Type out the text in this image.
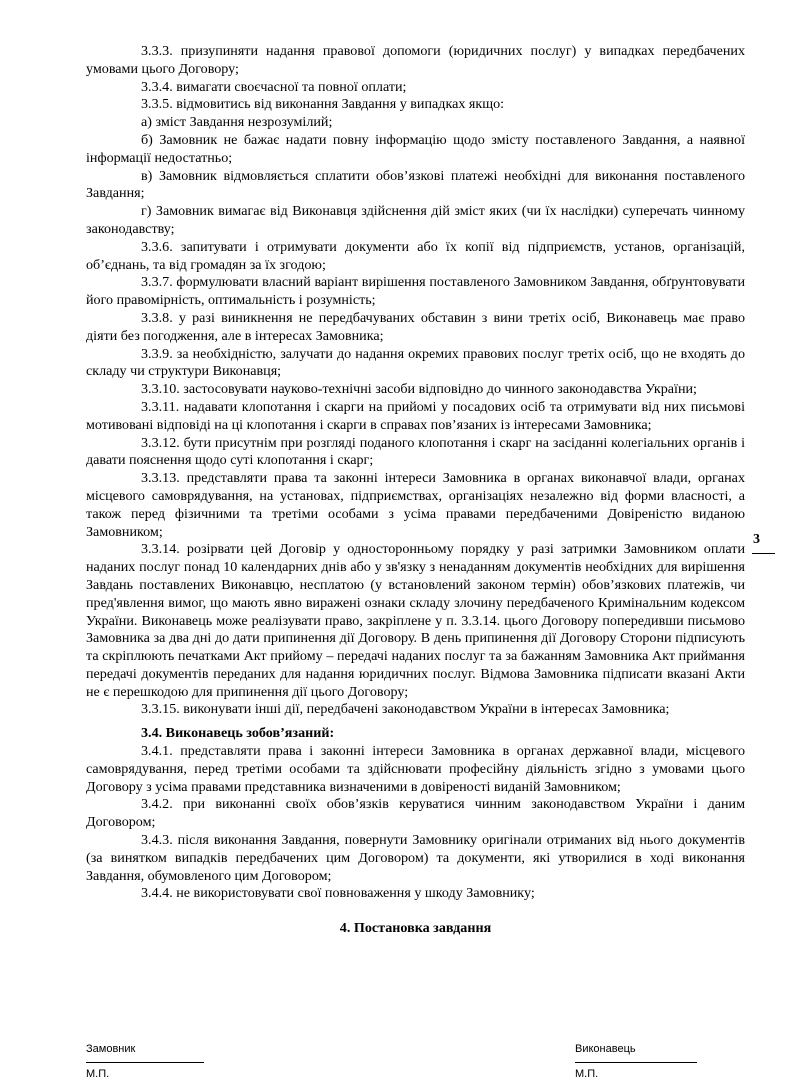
3.3.3. призупиняти надання правової допомоги (юридичних послуг) у випадках передбачених умовами цього Договору;

3.3.4. вимагати своєчасної та повної оплати;

3.3.5. відмовитись від виконання Завдання у випадках якщо:

а) зміст Завдання незрозумілий;

б) Замовник не бажає надати повну інформацію щодо змісту поставленого Завдання, а наявної інформації недостатньо;

в) Замовник відмовляється сплатити обов’язкові платежі необхідні для виконання поставленого Завдання;

г) Замовник вимагає від Виконавця здійснення дій зміст яких (чи їх наслідки) суперечать чинному законодавству;

3.3.6. запитувати і отримувати документи або їх копії від підприємств, установ, організацій, об’єднань, та від громадян за їх згодою;

3.3.7. формулювати власний варіант вирішення поставленого Замовником Завдання, обґрунтовувати його правомірність, оптимальність і розумність;

3.3.8. у разі виникнення не передбачуваних обставин з вини третіх осіб, Виконавець має право діяти без погодження, але в інтересах Замовника;

3.3.9. за необхідністю, залучати до надання окремих правових послуг третіх осіб, що не входять до складу чи структури Виконавця;

3.3.10. застосовувати науково-технічні засоби відповідно до чинного законодавства України;

3.3.11. надавати клопотання і скарги на прийомі у посадових осіб та отримувати від них письмові мотивовані відповіді на ці клопотання і скарги в справах пов’язаних із інтересами Замовника;

3.3.12. бути присутнім при розгляді поданого клопотання і скарг на засіданні колегіальних органів і давати пояснення щодо суті клопотання і скарг;

3.3.13. представляти права та законні інтереси Замовника в органах виконавчої влади, органах місцевого самоврядування, на установах, підприємствах, організаціях незалежно від форми власності, а також перед фізичними та третіми особами з усіма правами передбаченими Довіреністю виданою Замовником;

3.3.14. розірвати цей Договір у односторонньому порядку у разі затримки Замовником оплати наданих послуг понад 10 календарних днів або у зв'язку з ненаданням документів необхідних для вирішення Завдань поставлених Виконавцю, несплатою (у встановлений законом термін) обов’язкових платежів, чи пред'явлення вимог, що мають явно виражені ознаки складу злочину передбаченого Кримінальним кодексом України. Виконавець може реалізувати право, закріплене у п. 3.3.14. цього Договору попередивши письмово Замовника за два дні до дати припинення дії Договору. В день припинення дії Договору Сторони підписують та скріплюють печатками Акт прийому – передачі наданих послуг та за бажанням Замовника Акт приймання передачі документів переданих для надання юридичних послуг. Відмова Замовника підписати вказані Акти не є перешкодою для припинення дії цього Договору;

3.3.15. виконувати інші дії, передбачені законодавством України в інтересах Замовника;

3.4. Виконавець зобов’язаний:

3.4.1. представляти права і законні інтереси Замовника в органах державної влади, місцевого самоврядування, перед третіми особами та здійснювати професійну діяльність згідно з умовами цього Договору з усіма правами представника визначеними в довіреності виданій Замовником;

3.4.2. при виконанні своїх обов’язків керуватися чинним законодавством України і даним Договором;

3.4.3. після виконання Завдання, повернути Замовнику оригінали отриманих від нього документів (за винятком випадків передбачених цим Договором) та документи, які утворилися в ході виконання Завдання, обумовленого цим Договором;

3.4.4. не використовувати свої повноваження у шкоду Замовнику;

4. Постановка завдання
3
Замовник
М.П.
Виконавець
М.П.
